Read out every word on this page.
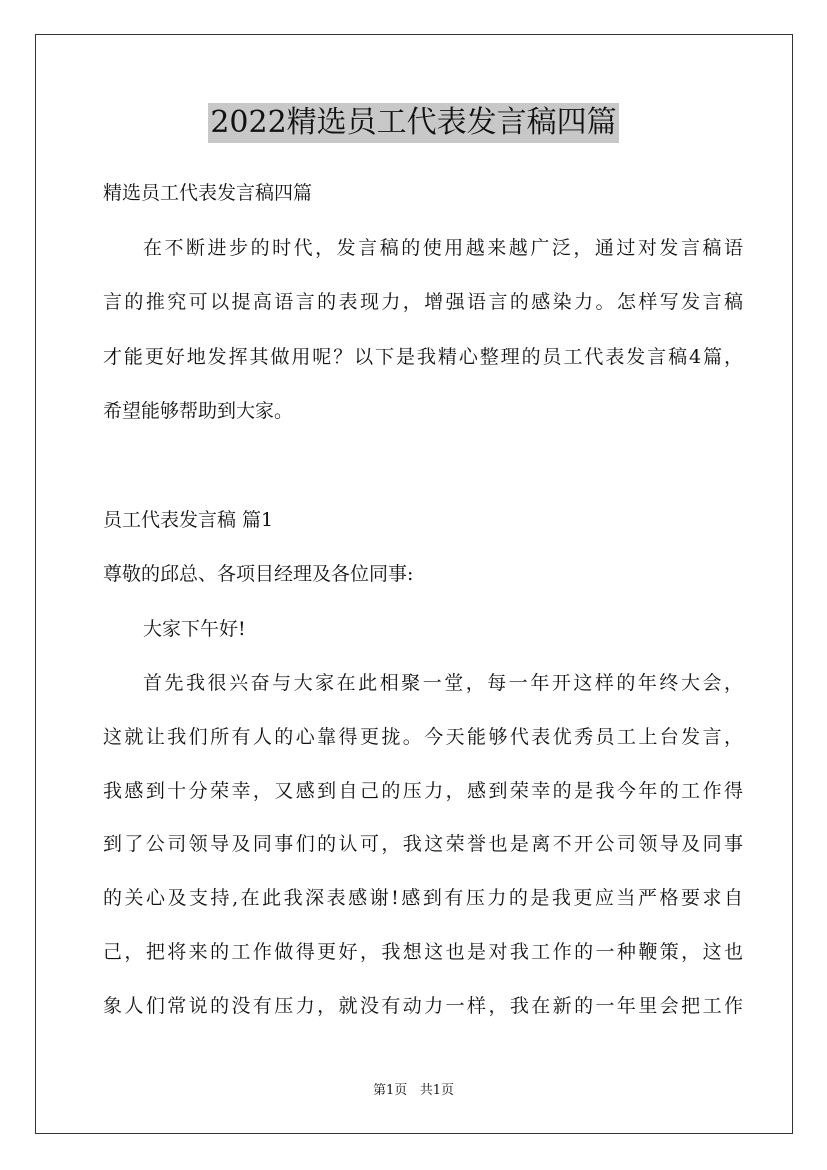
2022精选员工代表发言稿四篇
精选员工代表发言稿四篇
在不断进步的时代，发言稿的使用越来越广泛，通过对发言稿语
言的推究可以提高语言的表现力，增强语言的感染力。怎样写发言稿
才能更好地发挥其做用呢？以下是我精心整理的员工代表发言稿4篇，
希望能够帮助到大家。
员工代表发言稿 篇1
尊敬的邱总、各项目经理及各位同事:
大家下午好!
首先我很兴奋与大家在此相聚一堂，每一年开这样的年终大会，
这就让我们所有人的心靠得更拢。今天能够代表优秀员工上台发言，
我感到十分荣幸，又感到自己的压力，感到荣幸的是我今年的工作得
到了公司领导及同事们的认可，我这荣誉也是离不开公司领导及同事
的关心及支持,在此我深表感谢!感到有压力的是我更应当严格要求自
己，把将来的工作做得更好，我想这也是对我工作的一种鞭策，这也
象人们常说的没有压力，就没有动力一样，我在新的一年里会把工作
第1页 共1页
